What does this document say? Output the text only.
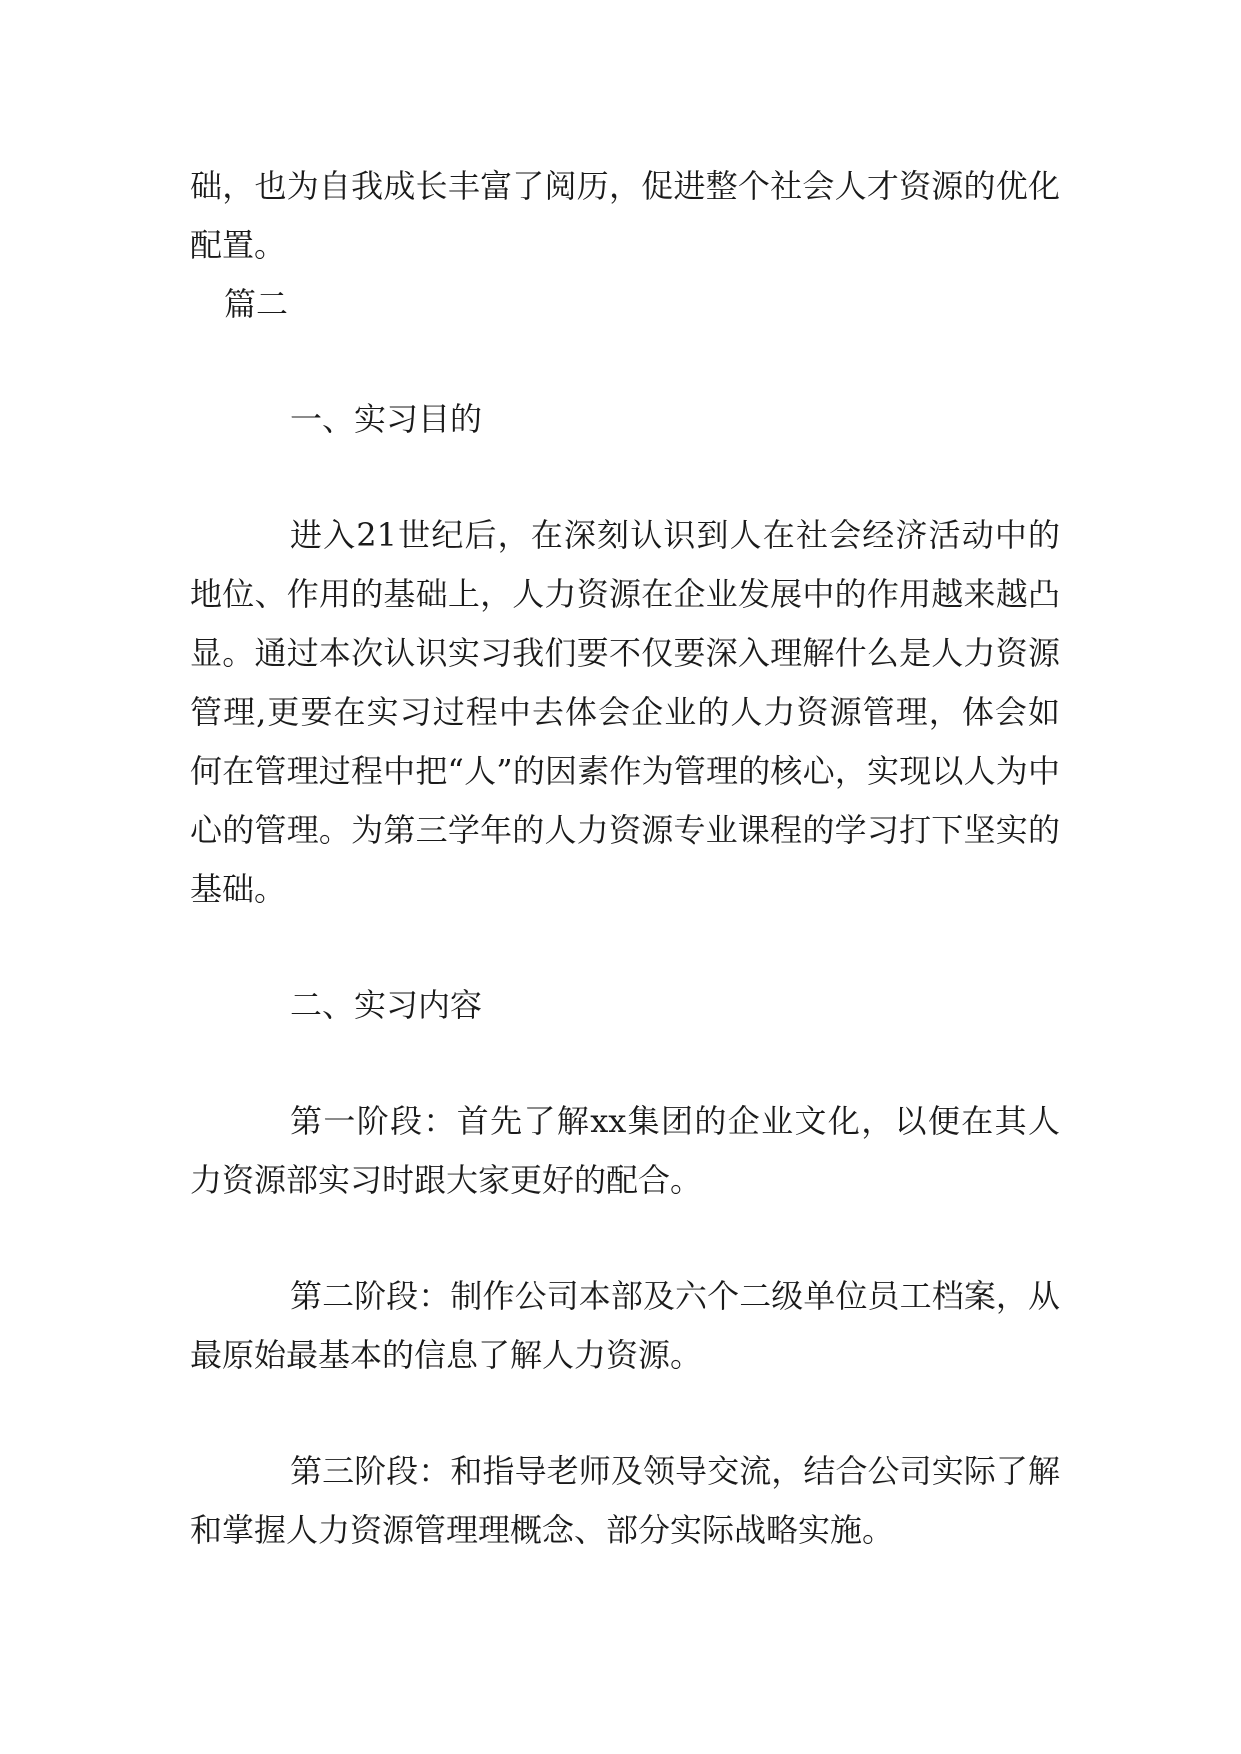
础，也为自我成长丰富了阅历，促进整个社会人才资源的优化配置。

篇二

一、实习目的

进入21世纪后，在深刻认识到人在社会经济活动中的地位、作用的基础上，人力资源在企业发展中的作用越来越凸显。通过本次认识实习我们要不仅要深入理解什么是人力资源管理,更要在实习过程中去体会企业的人力资源管理，体会如何在管理过程中把“人”的因素作为管理的核心，实现以人为中心的管理。为第三学年的人力资源专业课程的学习打下坚实的基础。

二、实习内容

第一阶段：首先了解xx集团的企业文化，以便在其人力资源部实习时跟大家更好的配合。

第二阶段：制作公司本部及六个二级单位员工档案，从最原始最基本的信息了解人力资源。

第三阶段：和指导老师及领导交流，结合公司实际了解和掌握人力资源管理理概念、部分实际战略实施。
